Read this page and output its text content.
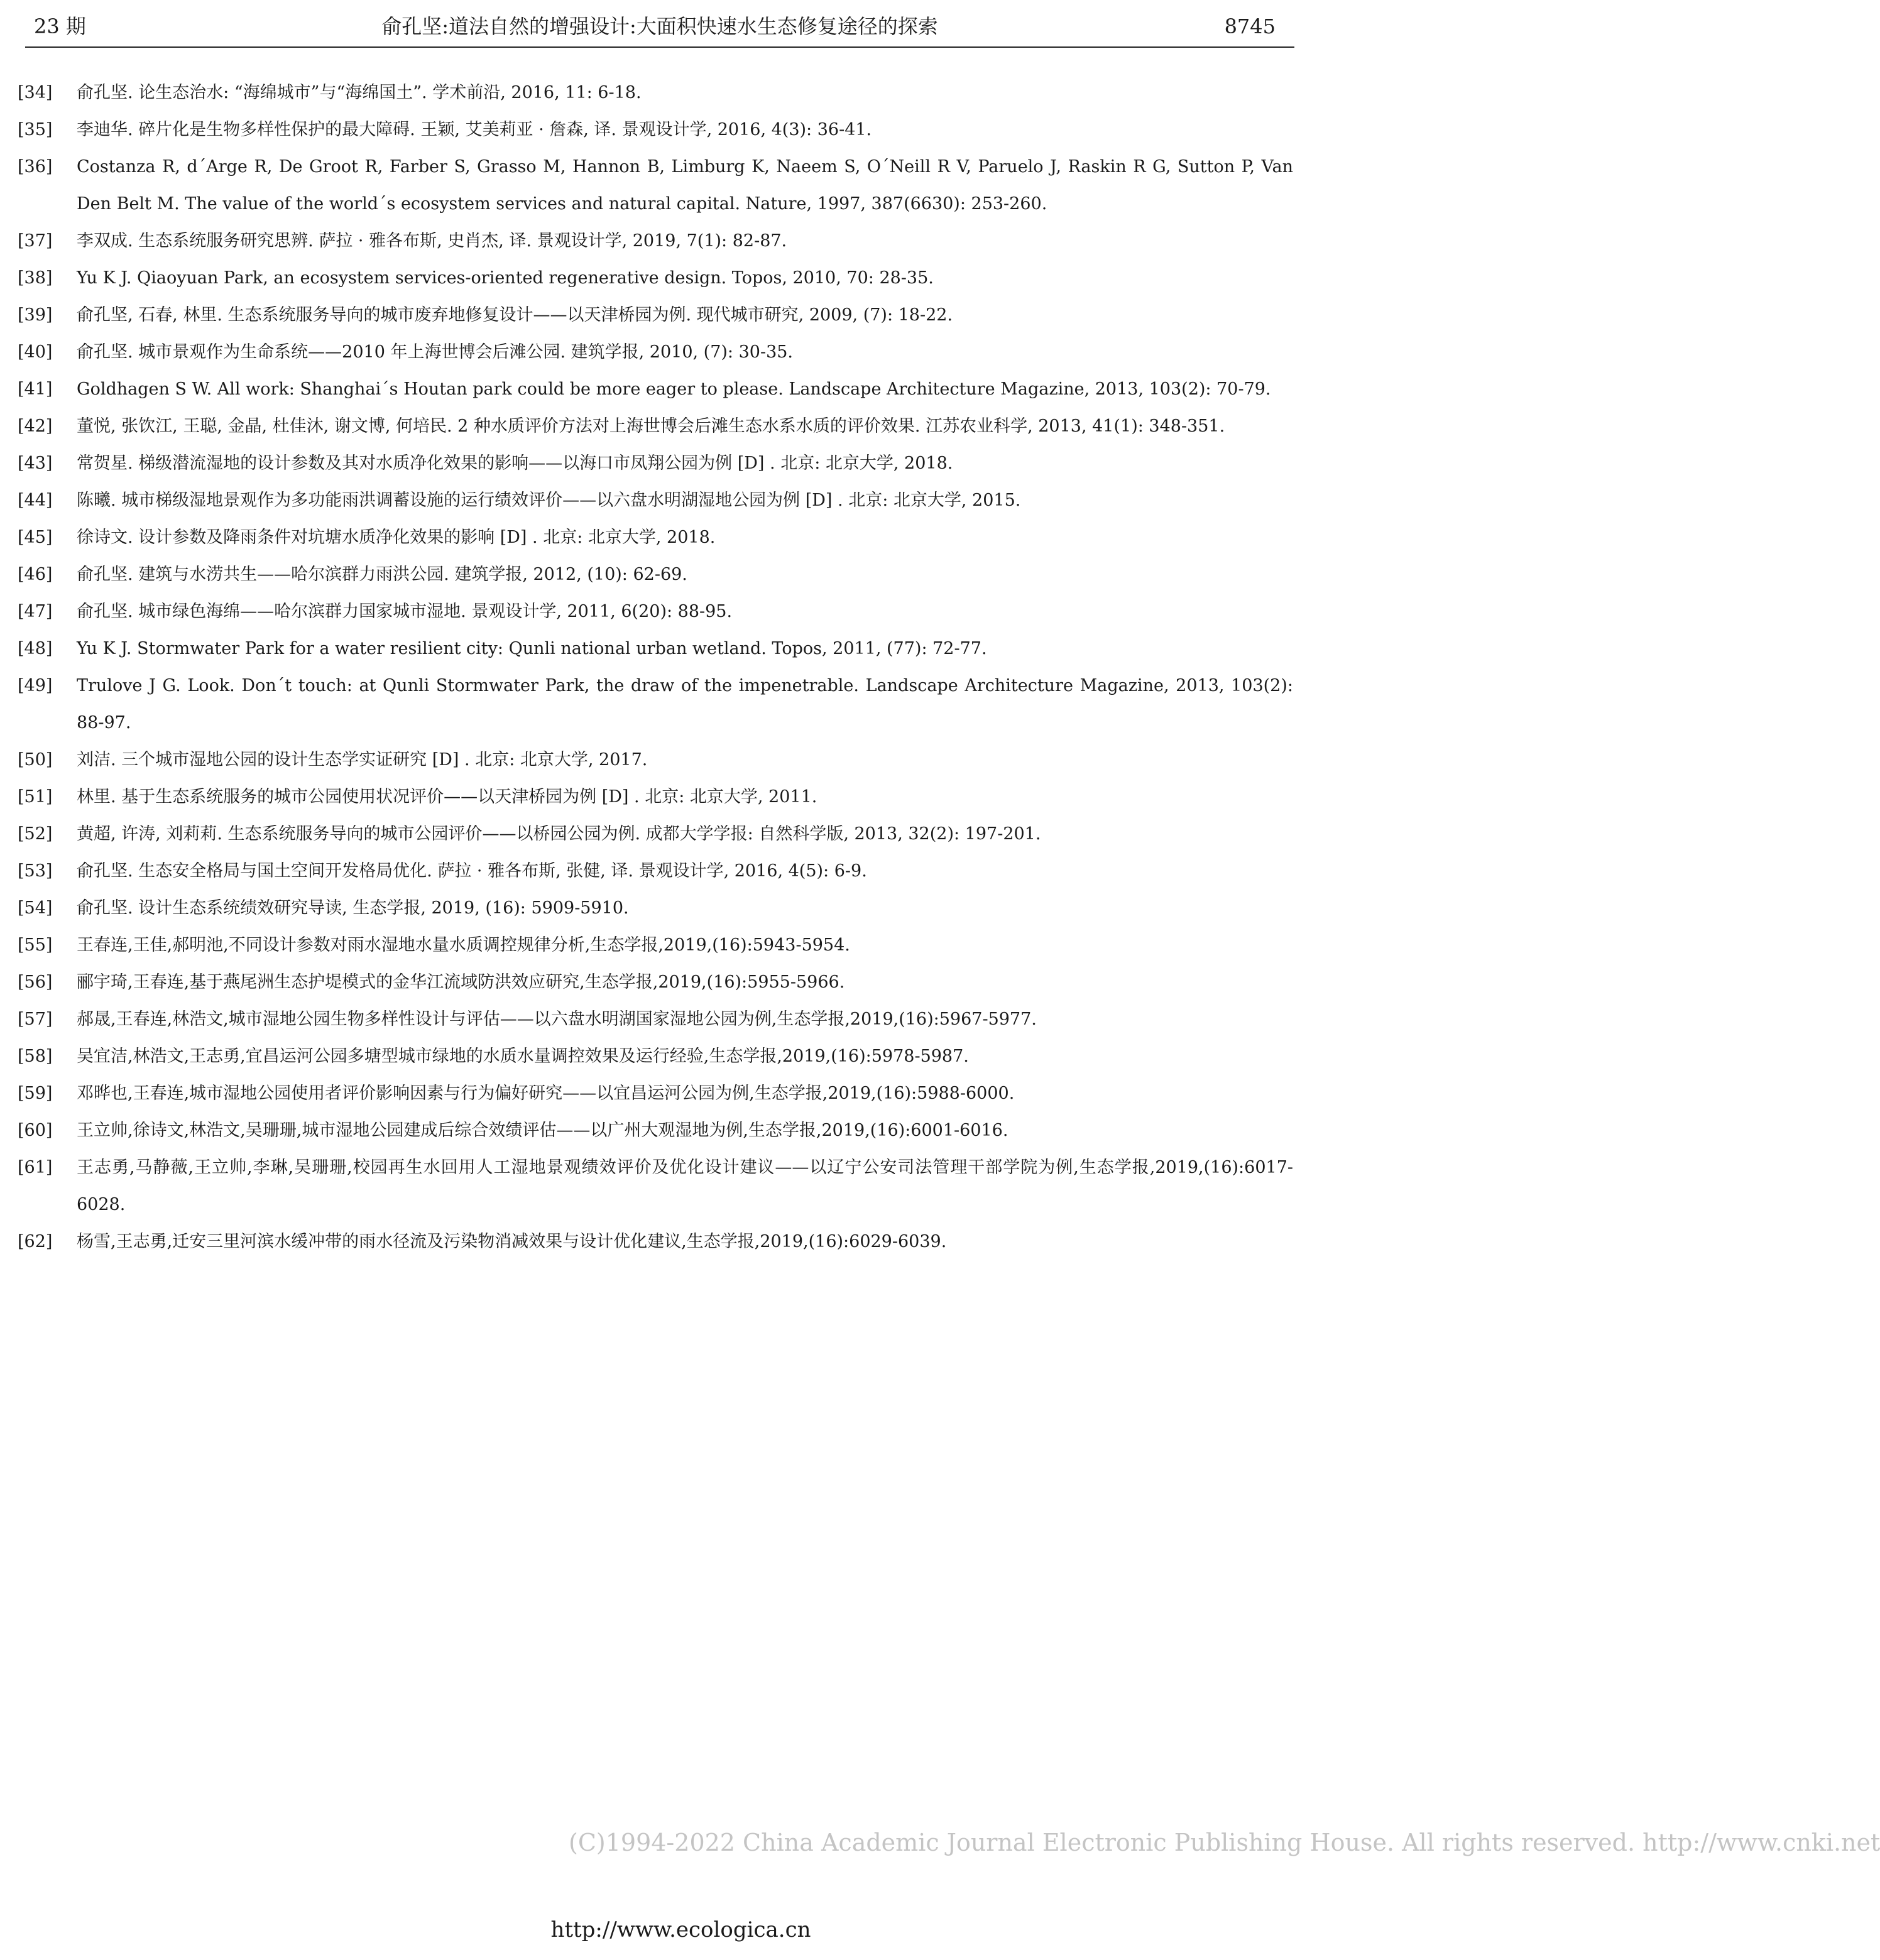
23 期	俞孔坚:道法自然的增强设计:大面积快速水生态修复途径的探索	8745
[34]	俞孔坚. 论生态治水: “海绵城市”与“海绵国土”. 学术前沿, 2016, 11: 6-18.
[35]	李迪华. 碎片化是生物多样性保护的最大障碍. 王颖, 艾美莉亚 · 詹森, 译. 景观设计学, 2016, 4(3): 36-41.
[36]	Costanza R, d´Arge R, De Groot R, Farber S, Grasso M, Hannon B, Limburg K, Naeem S, O´Neill R V, Paruelo J, Raskin R G, Sutton P, Van Den Belt M. The value of the world´s ecosystem services and natural capital. Nature, 1997, 387(6630): 253-260.
[37]	李双成. 生态系统服务研究思辨. 萨拉 · 雅各布斯, 史肖杰, 译. 景观设计学, 2019, 7(1): 82-87.
[38]	Yu K J. Qiaoyuan Park, an ecosystem services-oriented regenerative design. Topos, 2010, 70: 28-35.
[39]	俞孔坚, 石春, 林里. 生态系统服务导向的城市废弃地修复设计——以天津桥园为例. 现代城市研究, 2009, (7): 18-22.
[40]	俞孔坚. 城市景观作为生命系统——2010 年上海世博会后滩公园. 建筑学报, 2010, (7): 30-35.
[41]	Goldhagen S W. All work: Shanghai´s Houtan park could be more eager to please. Landscape Architecture Magazine, 2013, 103(2): 70-79.
[42]	董悦, 张饮江, 王聪, 金晶, 杜佳沐, 谢文博, 何培民. 2 种水质评价方法对上海世博会后滩生态水系水质的评价效果. 江苏农业科学, 2013, 41(1): 348-351.
[43]	常贺星. 梯级潜流湿地的设计参数及其对水质净化效果的影响——以海口市凤翔公园为例 [D] . 北京: 北京大学, 2018.
[44]	陈曦. 城市梯级湿地景观作为多功能雨洪调蓄设施的运行绩效评价——以六盘水明湖湿地公园为例 [D] . 北京: 北京大学, 2015.
[45]	徐诗文. 设计参数及降雨条件对坑塘水质净化效果的影响 [D] . 北京: 北京大学, 2018.
[46]	俞孔坚. 建筑与水涝共生——哈尔滨群力雨洪公园. 建筑学报, 2012, (10): 62-69.
[47]	俞孔坚. 城市绿色海绵——哈尔滨群力国家城市湿地. 景观设计学, 2011, 6(20): 88-95.
[48]	Yu K J. Stormwater Park for a water resilient city: Qunli national urban wetland. Topos, 2011, (77): 72-77.
[49]	Trulove J G. Look. Don´t touch: at Qunli Stormwater Park, the draw of the impenetrable. Landscape Architecture Magazine, 2013, 103(2): 88-97.
[50]	刘洁. 三个城市湿地公园的设计生态学实证研究 [D] . 北京: 北京大学, 2017.
[51]	林里. 基于生态系统服务的城市公园使用状况评价——以天津桥园为例 [D] . 北京: 北京大学, 2011.
[52]	黄超, 许涛, 刘莉莉. 生态系统服务导向的城市公园评价——以桥园公园为例. 成都大学学报: 自然科学版, 2013, 32(2): 197-201.
[53]	俞孔坚. 生态安全格局与国土空间开发格局优化. 萨拉 · 雅各布斯, 张健, 译. 景观设计学, 2016, 4(5): 6-9.
[54]	俞孔坚. 设计生态系统绩效研究导读, 生态学报, 2019, (16): 5909-5910.
[55]	王春连,王佳,郝明池,不同设计参数对雨水湿地水量水质调控规律分析,生态学报,2019,(16):5943-5954.
[56]	郦宇琦,王春连,基于燕尾洲生态护堤模式的金华江流域防洪效应研究,生态学报,2019,(16):5955-5966.
[57]	郝晟,王春连,林浩文,城市湿地公园生物多样性设计与评估——以六盘水明湖国家湿地公园为例,生态学报,2019,(16):5967-5977.
[58]	吴宜洁,林浩文,王志勇,宜昌运河公园多塘型城市绿地的水质水量调控效果及运行经验,生态学报,2019,(16):5978-5987.
[59]	邓晔也,王春连,城市湿地公园使用者评价影响因素与行为偏好研究——以宜昌运河公园为例,生态学报,2019,(16):5988-6000.
[60]	王立帅,徐诗文,林浩文,吴珊珊,城市湿地公园建成后综合效绩评估——以广州大观湿地为例,生态学报,2019,(16):6001-6016.
[61]	王志勇,马静薇,王立帅,李琳,吴珊珊,校园再生水回用人工湿地景观绩效评价及优化设计建议——以辽宁公安司法管理干部学院为例,生态学报,2019,(16):6017-6028.
[62]	杨雪,王志勇,迁安三里河滨水缓冲带的雨水径流及污染物消减效果与设计优化建议,生态学报,2019,(16):6029-6039.
(C)1994-2022 China Academic Journal Electronic Publishing House. All rights reserved. http://www.cnki.net
http://www.ecologica.cn
